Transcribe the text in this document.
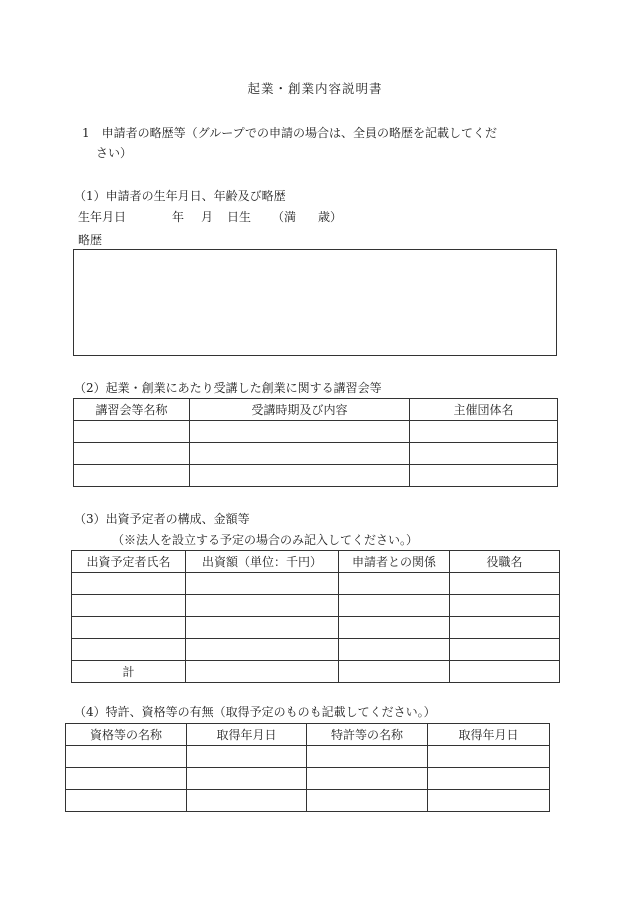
起業・創業内容説明書
1　申請者の略歴等（グループでの申請の場合は、全員の略歴を記載してくだ
さい）
（1）申請者の生年月日、年齢及び略歴
生年月日	年 月 日生 （満 歳）
略歴
（2）起業・創業にあたり受講した創業に関する講習会等
講習会等名称	受講時期及び内容	主催団体名

（3）出資予定者の構成、金額等
（※法人を設立する予定の場合のみ記入してください。）
出資予定者氏名	出資額（単位：千円）	申請者との関係	役職名

計			
（4）特許、資格等の有無（取得予定のものも記載してください。）
資格等の名称	取得年月日	特許等の名称	取得年月日
